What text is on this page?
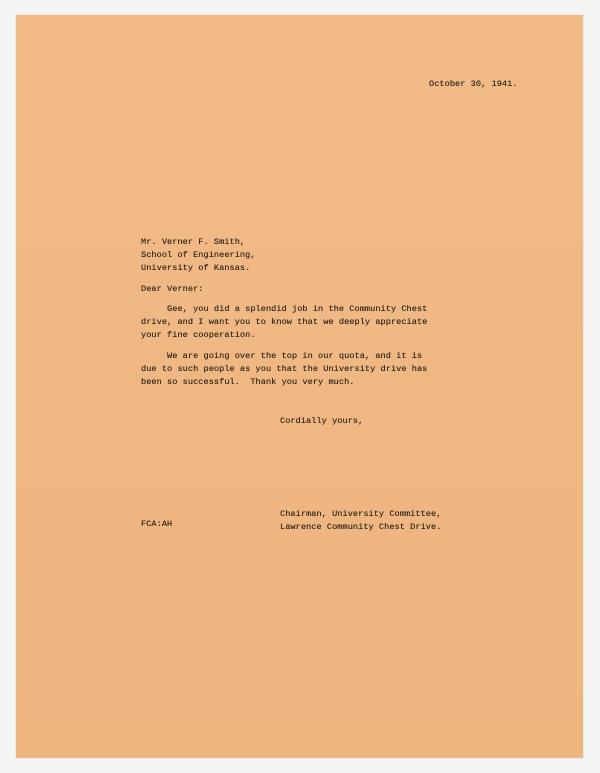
October 30, 1941.
Mr. Verner F. Smith,
School of Engineering,
University of Kansas.
Dear Verner:
Gee, you did a splendid job in the Community Chest
drive, and I want you to know that we deeply appreciate
your fine cooperation.
We are going over the top in our quota, and it is
due to such people as you that the University drive has
been so successful.  Thank you very much.
Cordially yours,
Chairman, University Committee,
Lawrence Community Chest Drive.
FCA:AH
